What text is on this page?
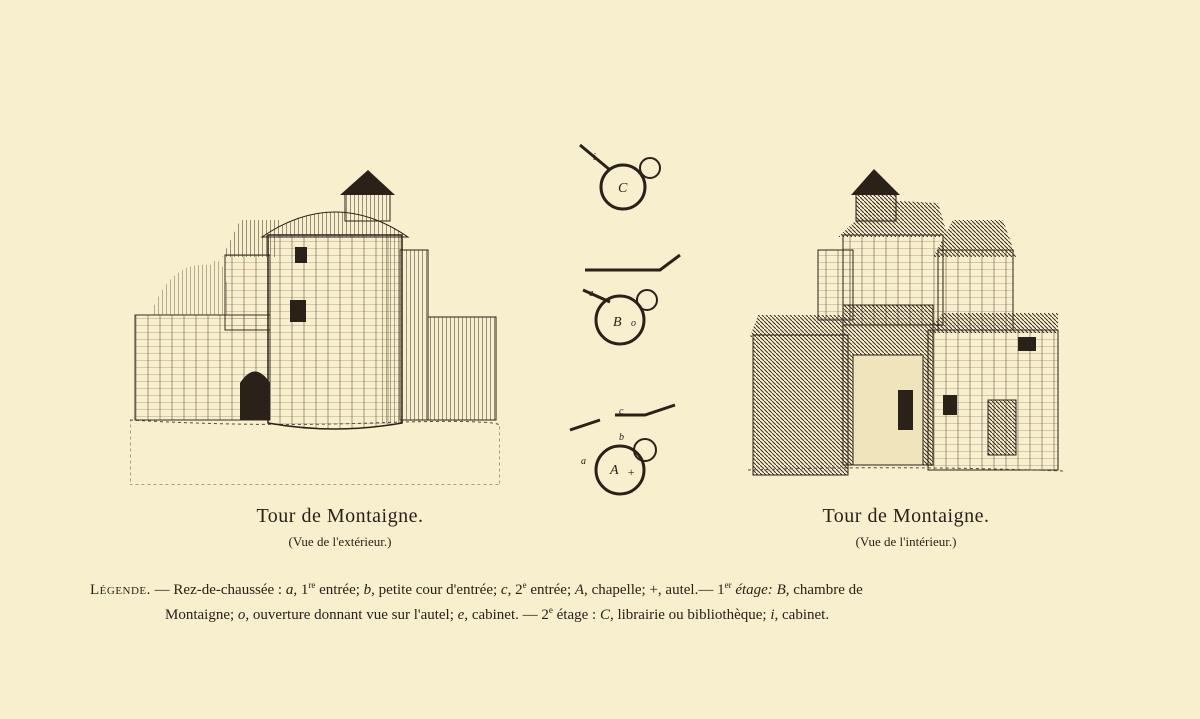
C
i
B
e
o
A +
a
b
c
Tour de Montaigne.
(Vue de l'extérieur.)
Tour de Montaigne.
(Vue de l'intérieur.)
Légende. — Rez-de-chaussée : a, 1re entrée; b, petite cour d'entrée; c, 2e entrée; A, chapelle; +, autel.— 1er étage: B, chambre de
Montaigne; o, ouverture donnant vue sur l'autel; e, cabinet. — 2e étage : C, librairie ou bibliothèque; i, cabinet.
